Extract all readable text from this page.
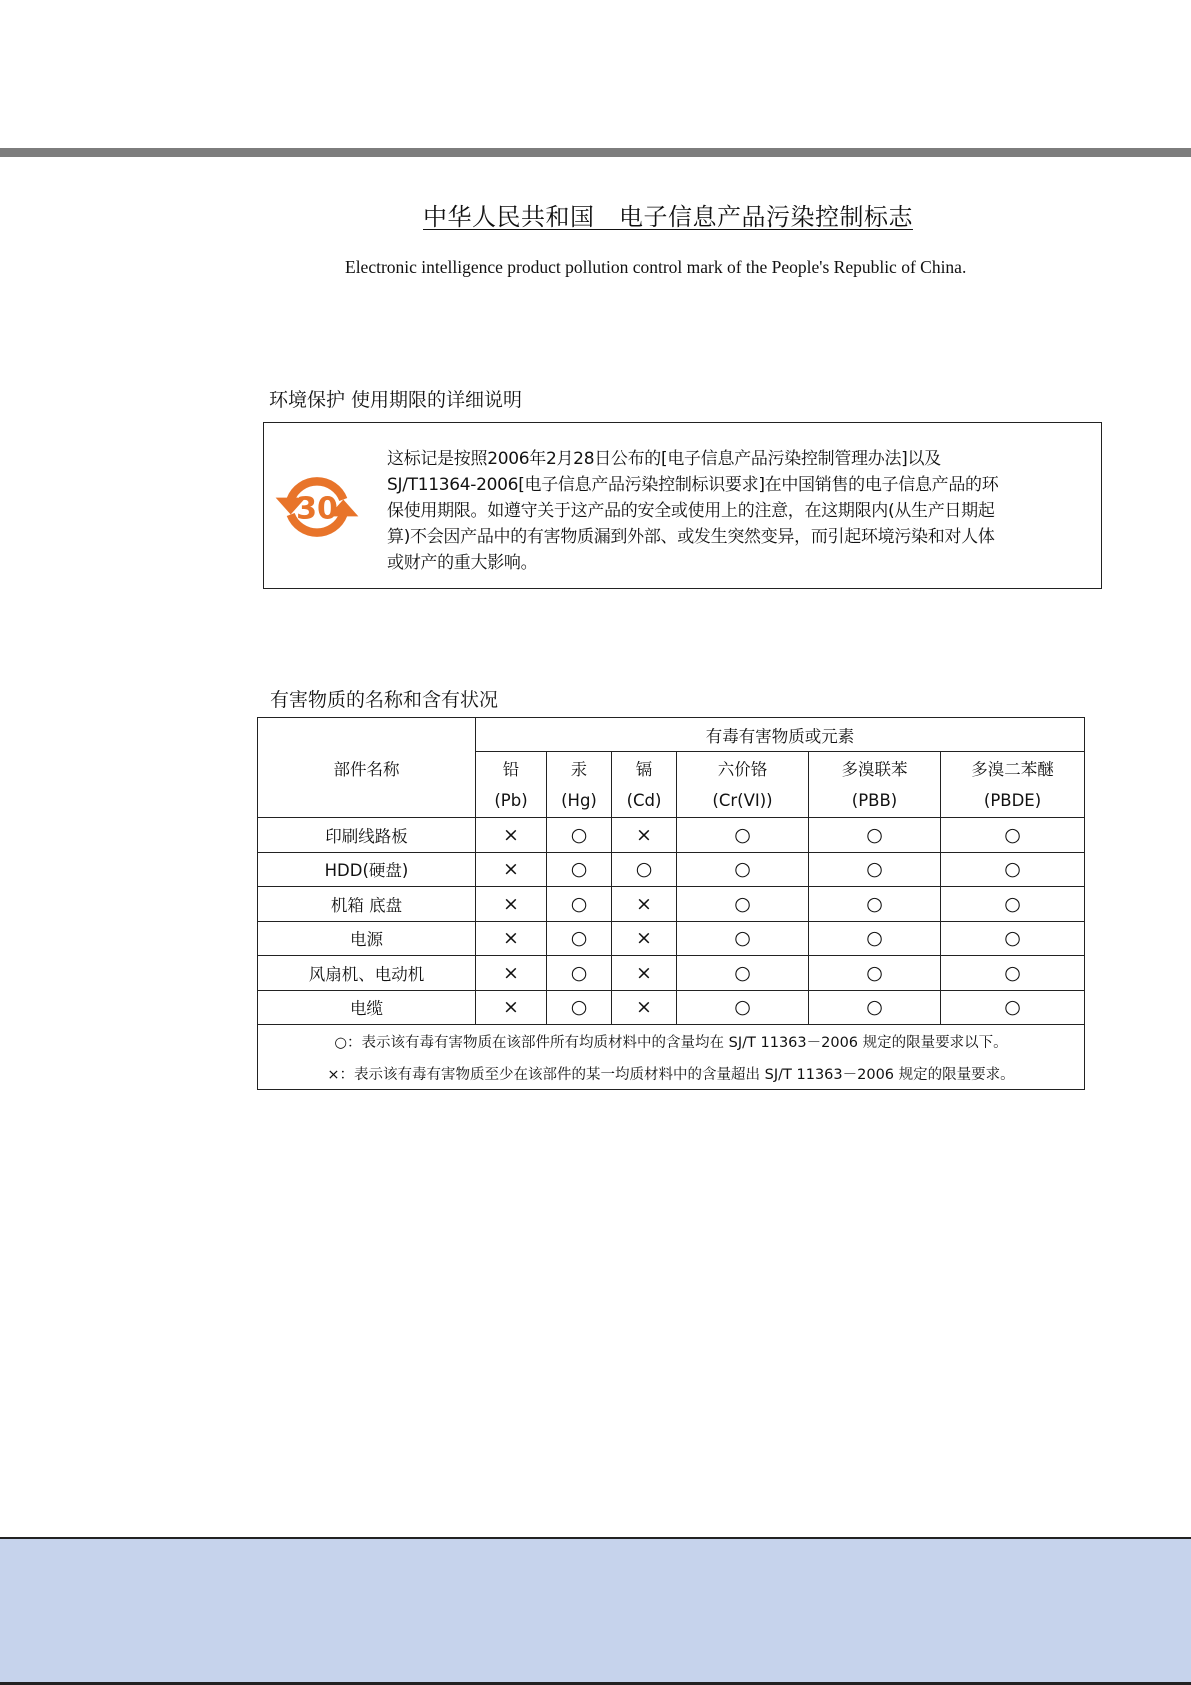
中华人民共和国　电子信息产品污染控制标志
Electronic intelligence product pollution control mark of the People's Republic of China.
环境保护 使用期限的详细说明
30
这标记是按照2006年2月28日公布的[电子信息产品污染控制管理办法]以及
SJ/T11364-2006[电子信息产品污染控制标识要求]在中国销售的电子信息产品的环
保使用期限。如遵守关于这产品的安全或使用上的注意，在这期限内(从生产日期起
算)不会因产品中的有害物质漏到外部、或发生突然变异，而引起环境污染和对人体
或财产的重大影响。
有害物质的名称和含有状况
部件名称	有毒有害物质或元素					
	铅	汞	镉	六价铬	多溴联苯	多溴二苯醚
	(Pb)	(Hg)	(Cd)	(Cr(VI))	(PBB)	(PBDE)
印刷线路板	×	○	×	○	○	○
HDD(硬盘)	×	○	○	○	○	○
机箱 底盘	×	○	×	○	○	○
电源	×	○	×	○	○	○
风扇机、电动机	×	○	×	○	○	○
电缆	×	○	×	○	○	○
○：表示该有毒有害物质在该部件所有均质材料中的含量均在 SJ/T 11363－2006 规定的限量要求以下。						
×：表示该有毒有害物质至少在该部件的某一均质材料中的含量超出 SJ/T 11363－2006 规定的限量要求。						
